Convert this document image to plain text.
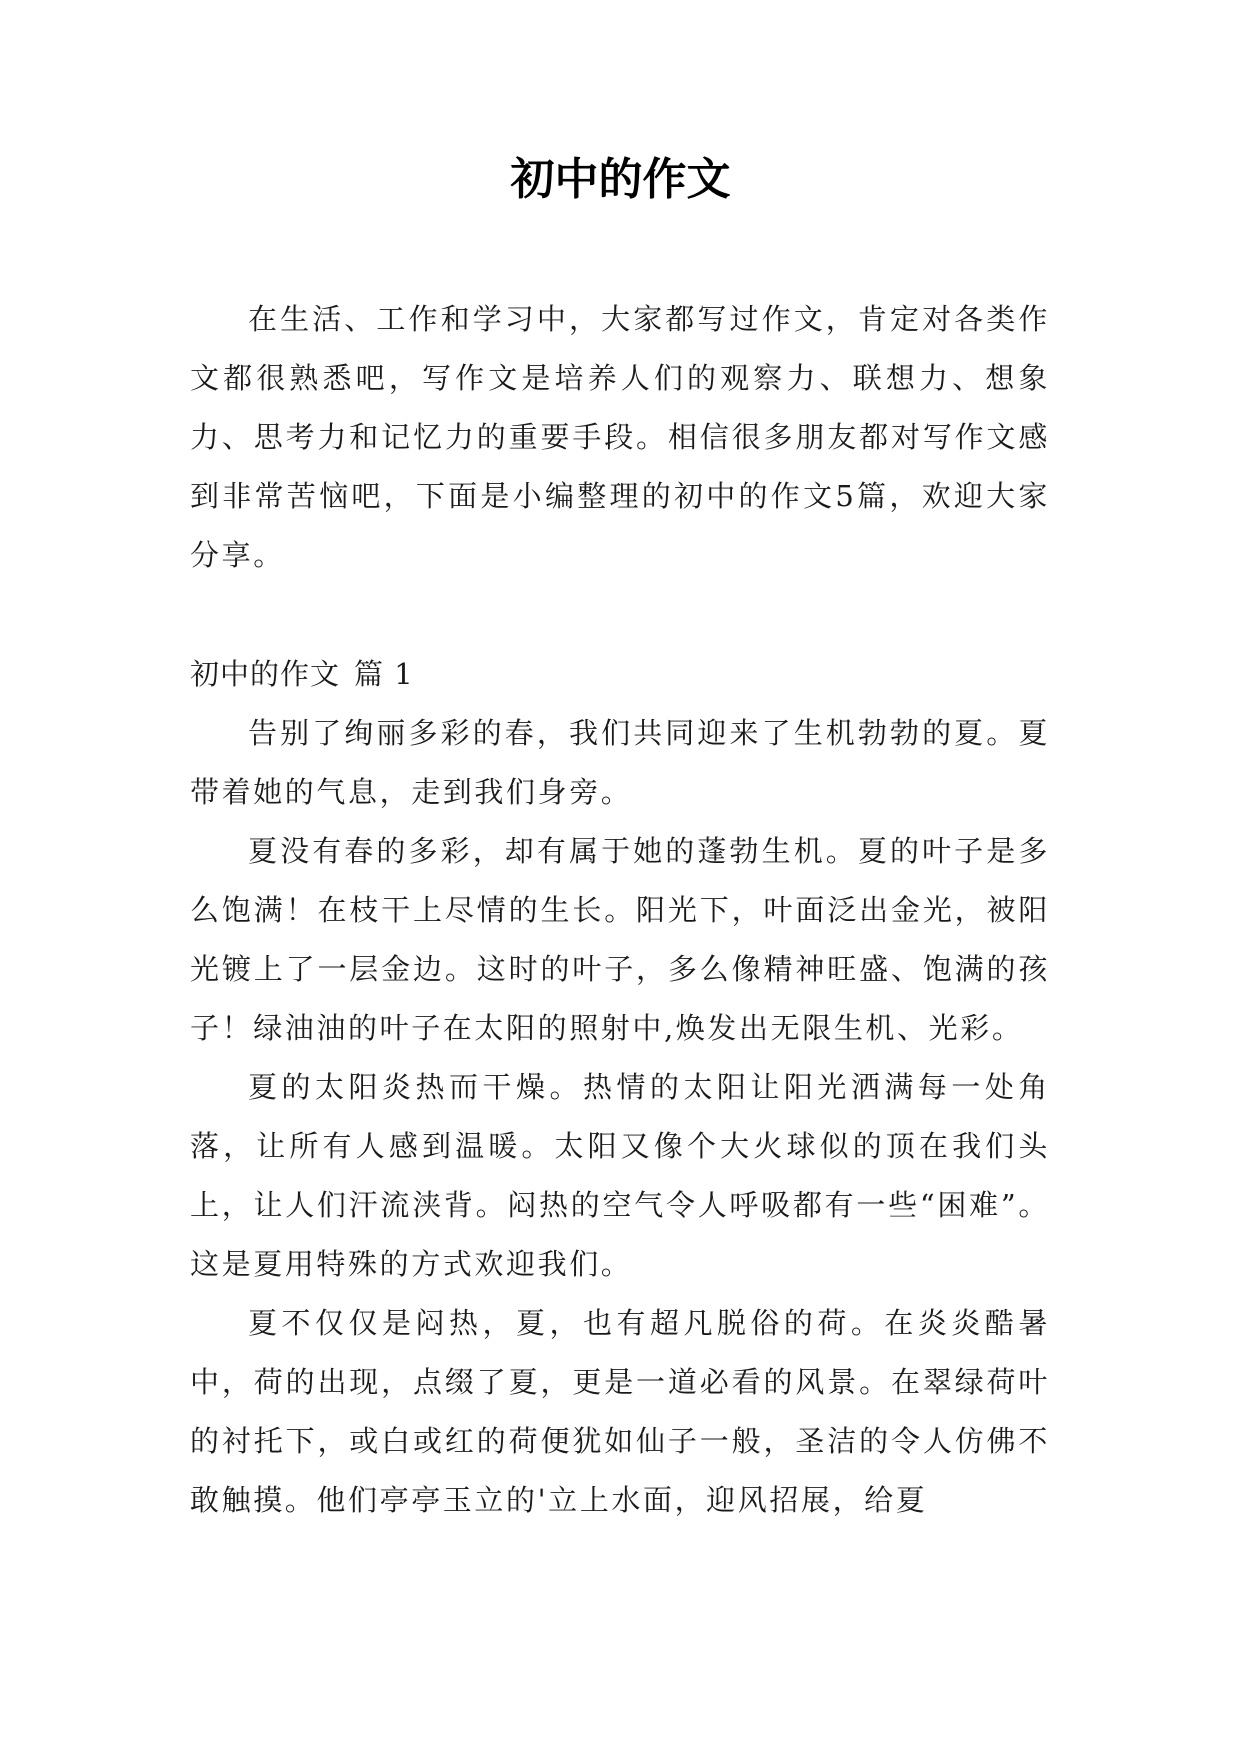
初中的作文

在生活、工作和学习中，大家都写过作文，肯定对各类作文都很熟悉吧，写作文是培养人们的观察力、联想力、想象力、思考力和记忆力的重要手段。相信很多朋友都对写作文感到非常苦恼吧，下面是小编整理的初中的作文5篇，欢迎大家分享。

初中的作文 篇 1

告别了绚丽多彩的春，我们共同迎来了生机勃勃的夏。夏带着她的气息，走到我们身旁。

夏没有春的多彩，却有属于她的蓬勃生机。夏的叶子是多么饱满！在枝干上尽情的生长。阳光下，叶面泛出金光，被阳光镀上了一层金边。这时的叶子，多么像精神旺盛、饱满的孩子！绿油油的叶子在太阳的照射中,焕发出无限生机、光彩。

夏的太阳炎热而干燥。热情的太阳让阳光洒满每一处角落，让所有人感到温暖。太阳又像个大火球似的顶在我们头上，让人们汗流浃背。闷热的空气令人呼吸都有一些“困难”。这是夏用特殊的方式欢迎我们。

夏不仅仅是闷热，夏，也有超凡脱俗的荷。在炎炎酷暑中，荷的出现，点缀了夏，更是一道必看的风景。在翠绿荷叶的衬托下，或白或红的荷便犹如仙子一般，圣洁的令人仿佛不敢触摸。他们亭亭玉立的'立上水面，迎风招展，给夏
